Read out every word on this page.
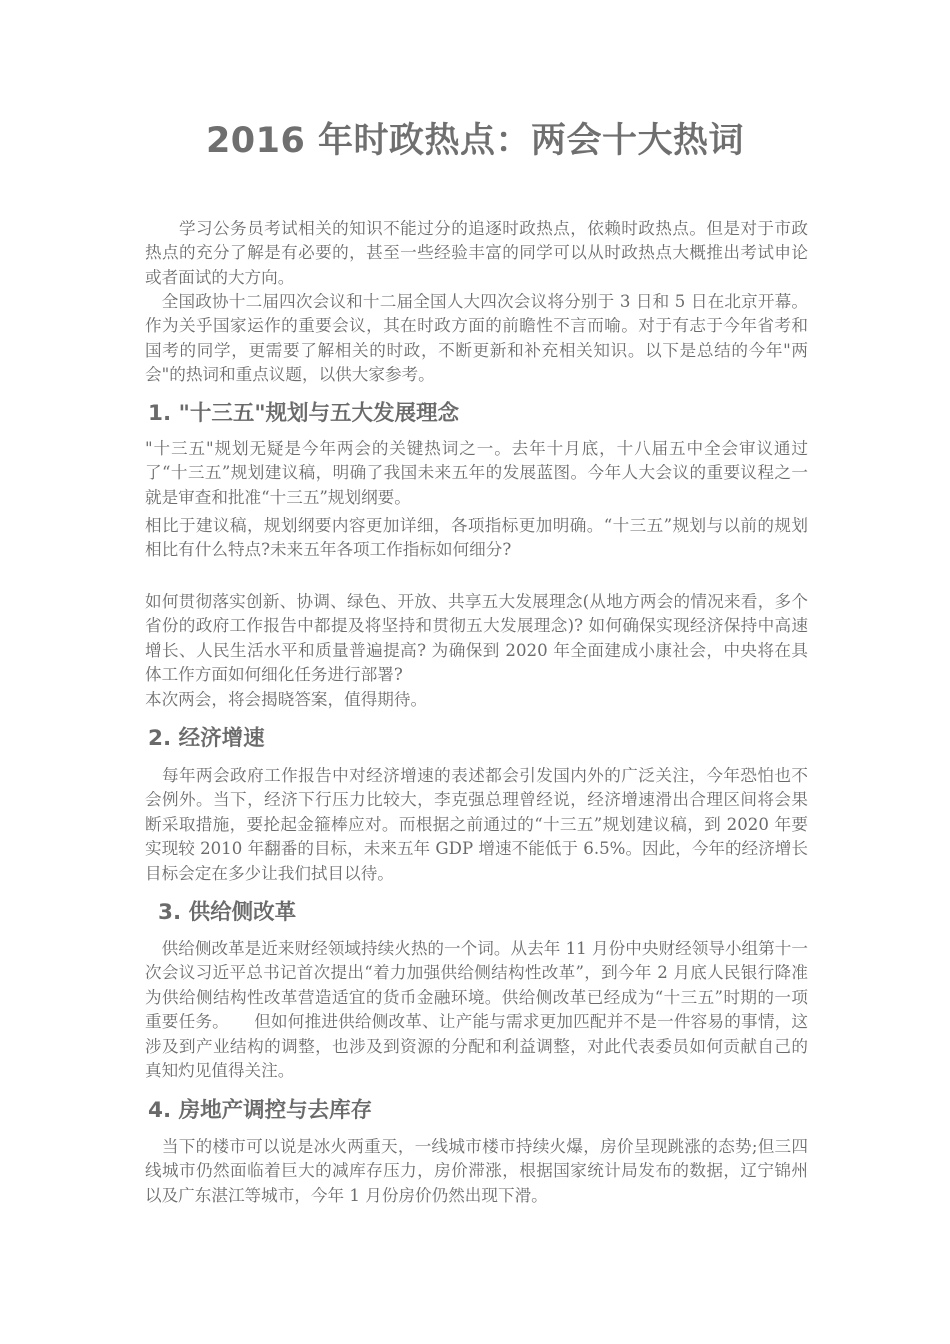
2016 年时政热点：两会十大热词

　　学习公务员考试相关的知识不能过分的追逐时政热点，依赖时政热点。但是对于市政热点的充分了解是有必要的，甚至一些经验丰富的同学可以从时政热点大概推出考试申论或者面试的大方向。

　全国政协十二届四次会议和十二届全国人大四次会议将分别于 3 日和 5 日在北京开幕。作为关乎国家运作的重要会议，其在时政方面的前瞻性不言而喻。对于有志于今年省考和国考的同学，更需要了解相关的时政，不断更新和补充相关知识。以下是总结的今年"两会"的热词和重点议题，以供大家参考。

1. "十三五"规划与五大发展理念

"十三五"规划无疑是今年两会的关键热词之一。去年十月底，十八届五中全会审议通过了“十三五”规划建议稿，明确了我国未来五年的发展蓝图。今年人大会议的重要议程之一就是审查和批准“十三五”规划纲要。

相比于建议稿，规划纲要内容更加详细，各项指标更加明确。“十三五”规划与以前的规划相比有什么特点?未来五年各项工作指标如何细分?

如何贯彻落实创新、协调、绿色、开放、共享五大发展理念(从地方两会的情况来看，多个省份的政府工作报告中都提及将坚持和贯彻五大发展理念)? 如何确保实现经济保持中高速增长、人民生活水平和质量普遍提高? 为确保到 2020 年全面建成小康社会，中央将在具体工作方面如何细化任务进行部署?

本次两会，将会揭晓答案，值得期待。

2. 经济增速

　每年两会政府工作报告中对经济增速的表述都会引发国内外的广泛关注，今年恐怕也不会例外。当下，经济下行压力比较大，李克强总理曾经说，经济增速滑出合理区间将会果断采取措施，要抡起金箍棒应对。而根据之前通过的“十三五”规划建议稿，到 2020 年要实现较 2010 年翻番的目标，未来五年 GDP 增速不能低于 6.5%。因此，今年的经济增长目标会定在多少让我们拭目以待。

3. 供给侧改革

　供给侧改革是近来财经领域持续火热的一个词。从去年 11 月份中央财经领导小组第十一次会议习近平总书记首次提出“着力加强供给侧结构性改革”，到今年 2 月底人民银行降准为供给侧结构性改革营造适宜的货币金融环境。供给侧改革已经成为“十三五”时期的一项重要任务。　　但如何推进供给侧改革、让产能与需求更加匹配并不是一件容易的事情，这涉及到产业结构的调整，也涉及到资源的分配和利益调整，对此代表委员如何贡献自己的真知灼见值得关注。

4. 房地产调控与去库存

　当下的楼市可以说是冰火两重天，一线城市楼市持续火爆，房价呈现跳涨的态势;但三四线城市仍然面临着巨大的减库存压力，房价滞涨，根据国家统计局发布的数据，辽宁锦州以及广东湛江等城市，今年 1 月份房价仍然出现下滑。
